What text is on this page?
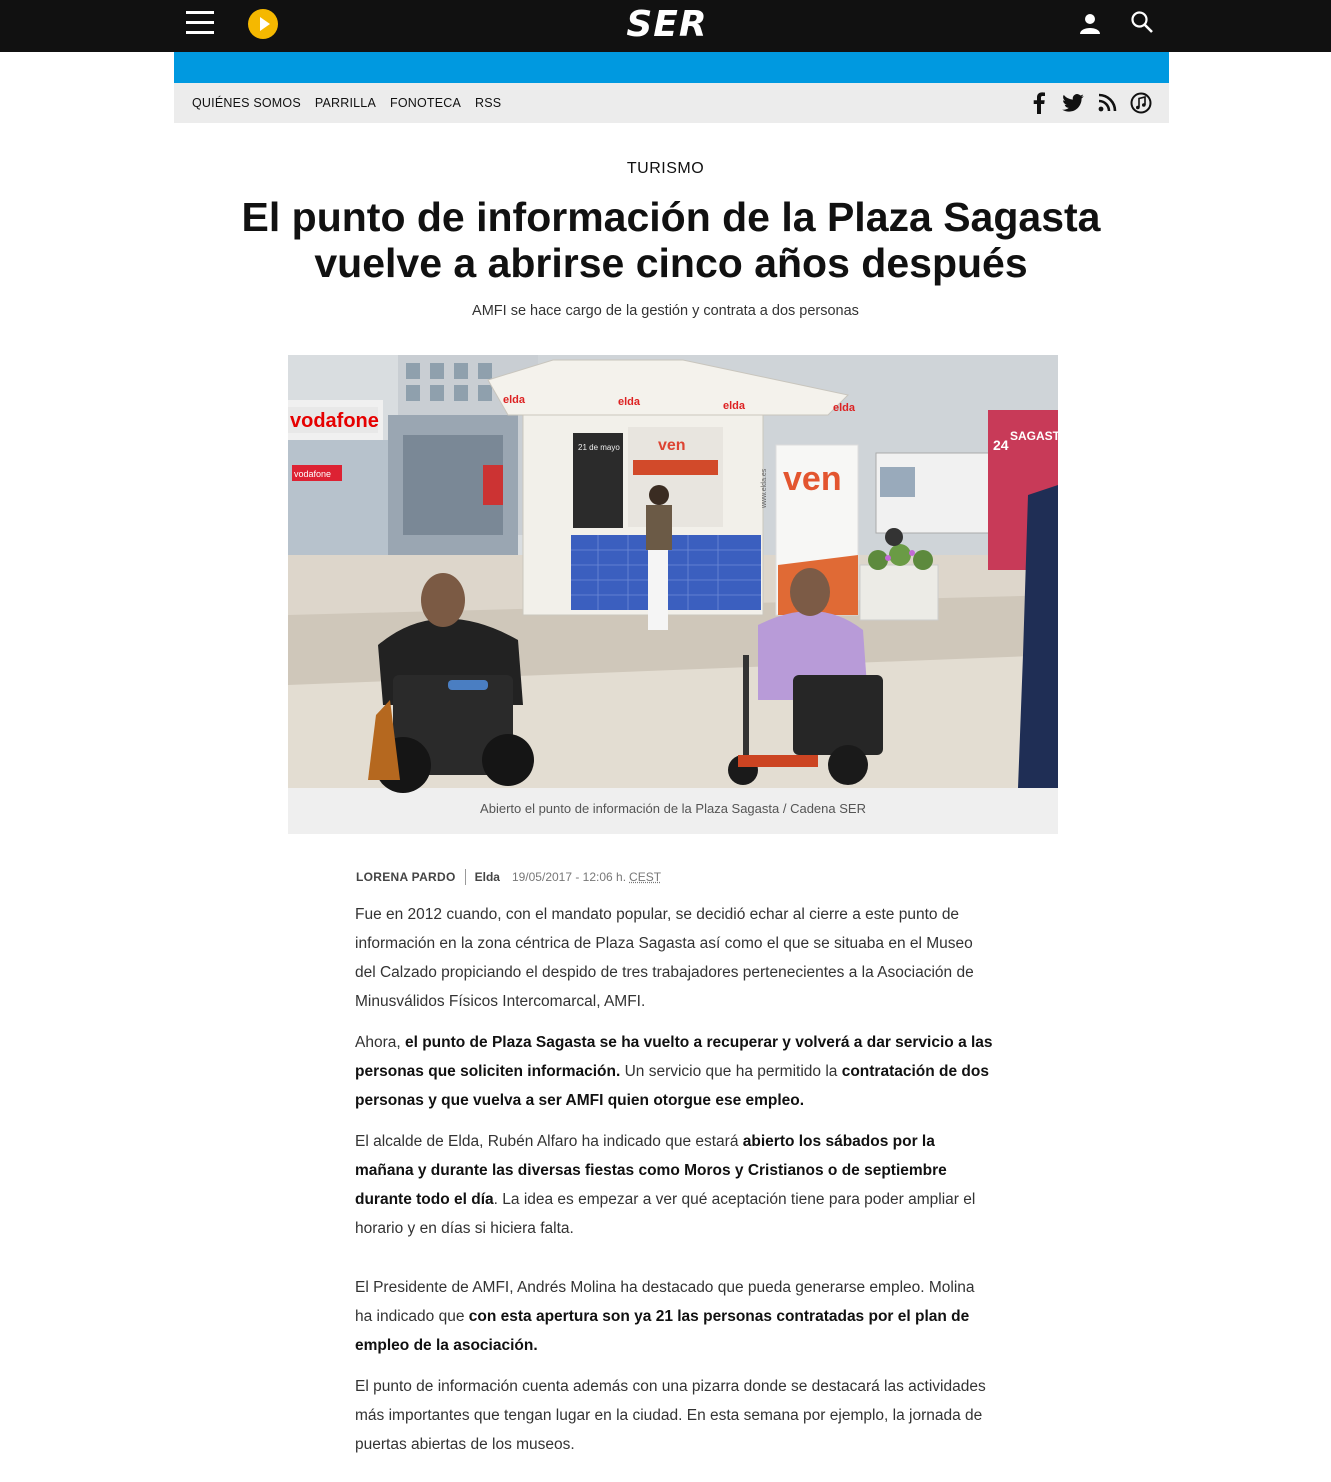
SER
QUIÉNES SOMOS PARRILLA FONOTECA RSS
TURISMO
El punto de información de la Plaza Sagasta vuelve a abrirse cinco años después
AMFI se hace cargo de la gestión y contrata a dos personas
vodafone
vodafone
elda	elda	elda	elda
21 de mayo ven
ven
www.elda.es
24
SAGASTA
Abierto el punto de información de la Plaza Sagasta / Cadena SER
LORENA PARDO Elda 19/05/2017 - 12:06 h. CEST

Fue en 2012 cuando, con el mandato popular, se decidió echar al cierre a este punto de información en la zona céntrica de Plaza Sagasta así como el que se situaba en el Museo del Calzado propiciando el despido de tres trabajadores pertenecientes a la Asociación de Minusválidos Físicos Intercomarcal, AMFI.

Ahora, el punto de Plaza Sagasta se ha vuelto a recuperar y volverá a dar servicio a las personas que soliciten información. Un servicio que ha permitido la contratación de dos personas y que vuelva a ser AMFI quien otorgue ese empleo.

El alcalde de Elda, Rubén Alfaro ha indicado que estará abierto los sábados por la mañana y durante las diversas fiestas como Moros y Cristianos o de septiembre durante todo el día. La idea es empezar a ver qué aceptación tiene para poder ampliar el horario y en días si hiciera falta.

El Presidente de AMFI, Andrés Molina ha destacado que pueda generarse empleo. Molina ha indicado que con esta apertura son ya 21 las personas contratadas por el plan de empleo de la asociación.

El punto de información cuenta además con una pizarra donde se destacará las actividades más importantes que tengan lugar en la ciudad. En esta semana por ejemplo, la jornada de puertas abiertas de los museos.
